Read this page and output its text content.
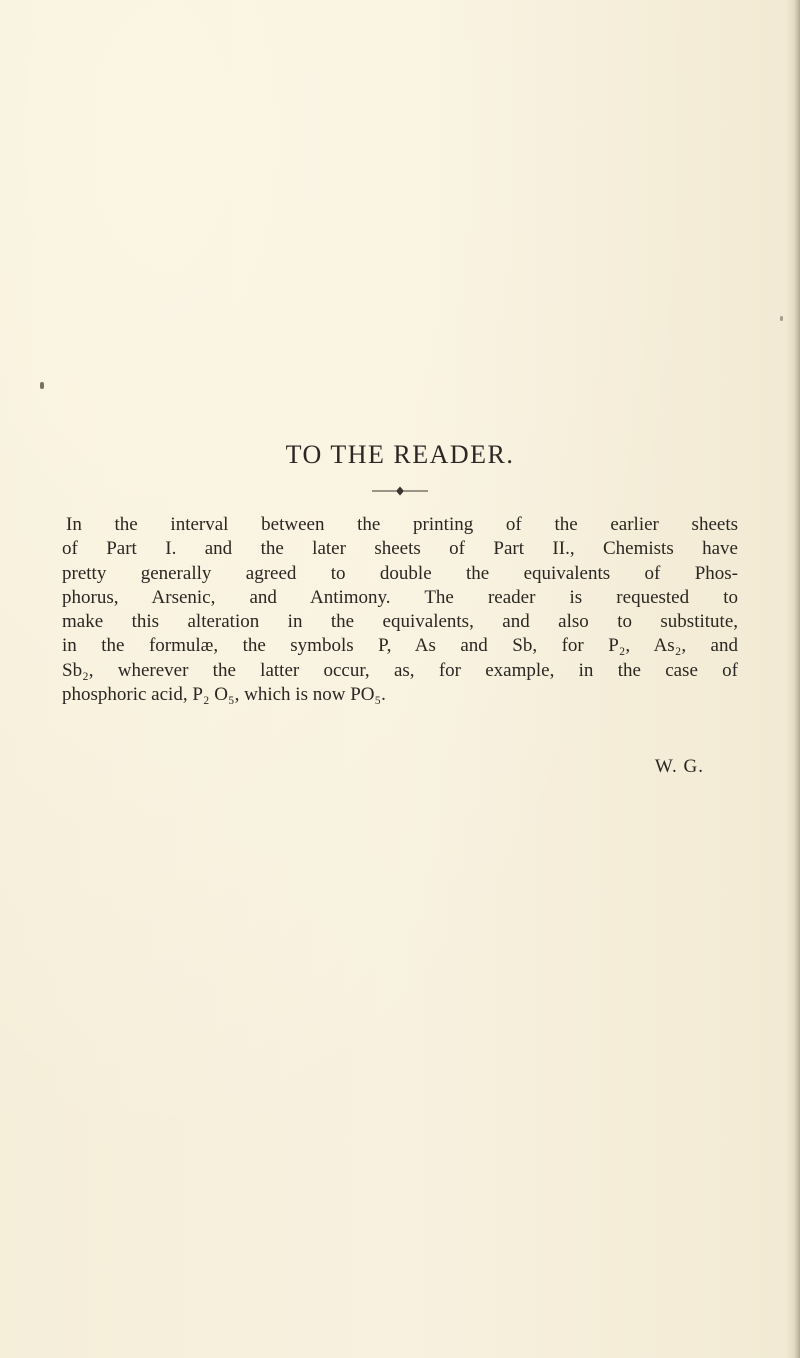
TO THE READER.
In the interval between the printing of the earlier sheets
of Part I. and the later sheets of Part II., Chemists have
pretty generally agreed to double the equivalents of Phos-
phorus, Arsenic, and Antimony. The reader is requested to
make this alteration in the equivalents, and also to substitute,
in the formulæ, the symbols P, As and Sb, for P₂, As₂, and
Sb₂, wherever the latter occur, as, for example, in the case of
phosphoric acid, P₂ O₅, which is now PO₅.
W. G.
